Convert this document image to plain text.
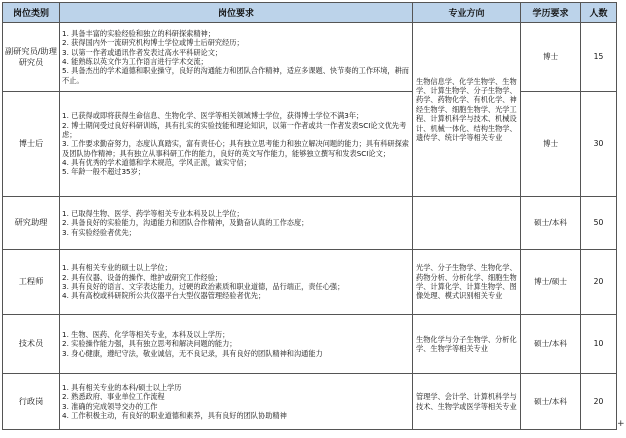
岗位类别	岗位要求	专业方向	学历要求	人数
副研究员/助理研究员	1. 具备丰富的实验经验和独立的科研探索精神；
2. 获得国内外一流研究机构博士学位或博士后研究经历；
3. 以第一作者或通讯作者发表过高水平科研论文；
4. 能熟练以英文作为工作语言进行学术交流；
5. 具备杰出的学术道德和职业操守，良好的沟通能力和团队合作精神，适应多课题、快节奏的工作环境，耕而不止。	生物信息学、化学生物学、生物学、计算生物学、分子生物学、药学、药物化学、有机化学、神经生物学、细胞生物学、光学工程、计算机科学与技术、机械设计、机械一体化、结构生物学、遗传学、统计学等相关专业	博士	15
博士后	1. 已获得或即将获得生命信息、生物化学、医学等相关领域博士学位，获得博士学位不满3年；
2. 博士期间受过良好科研训练，具有扎实的实验技能和理论知识，以第一作者或共一作者发表SCI论文优先考虑；
3. 工作要求勤奋努力，态度认真踏实，富有责任心；具有独立思考能力和独立解决问题的能力；具有科研探索及团队协作精神；具有独立从事科研工作的能力，良好的英文写作能力，能够独立撰写和发表SCI论文；
4. 具有优秀的学术道德和学术规范，学风正派，诚实守信；
5. 年龄一般不超过35岁；		博士	30
研究助理	1. 已取得生物、医学、药学等相关专业本科及以上学位；
2. 具备良好的实验能力，沟通能力和团队合作精神，及勤奋认真的工作态度；
3. 有实验经验者优先；		硕士/本科	50
工程师	1. 具有相关专业的硕士以上学位；
2. 具有仪器、设备的操作、维护或研究工作经验；
3. 具有良好的语言、文字表达能力，过硬的政治素质和职业道德，品行端正，责任心强；
4. 具有高校或科研院所公共仪器平台大型仪器管理经验者优先；	光学、分子生物学、生物化学、药物分析、分析化学、细胞生物学、计算化学、计算生物学、图像处理、模式识别相关专业	博士/硕士	20
技术员	1. 生物、医药、化学等相关专业，本科及以上学历；
2. 实验操作能力强，具有独立思考和解决问题的能力；
3. 身心健康，遵纪守法，敬业诚信，无不良记录，具有良好的团队精神和沟通能力	生物化学与分子生物学、分析化学、生物学等相关专业	硕士/本科	10
行政岗	1. 具有相关专业的本科/硕士以上学历
2. 熟悉政府、事业单位工作流程
3. 准确的完成领导交办的工作
4. 工作积极主动，有良好的职业道德和素养，具有良好的团队协助精神	管理学、会计学、计算机科学与技术、生物学或医学等相关专业	硕士/本科	20
+
